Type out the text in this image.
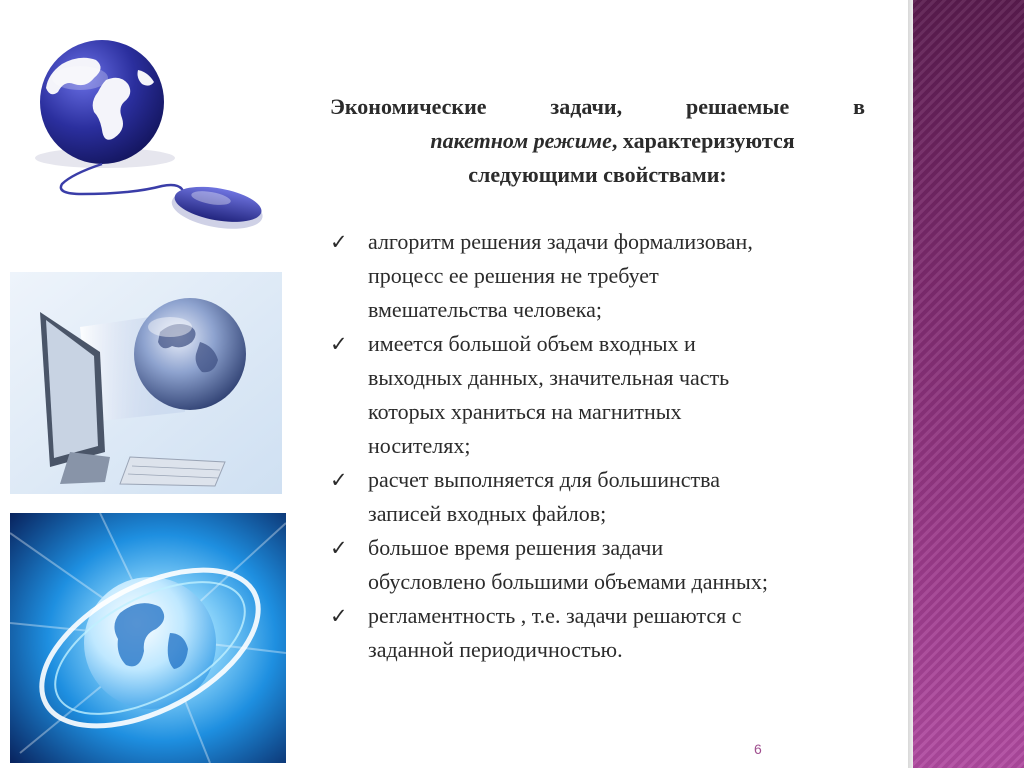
Экономические задачи, решаемые в
пакетном режиме, характеризуются
следующими свойствами:
✓ алгоритм решения задачи формализован,
процесс ее решения не требует
вмешательства человека;
✓ имеется большой объем входных и
выходных данных, значительная часть
которых храниться на магнитных
носителях;
✓ расчет выполняется для большинства
записей входных файлов;
✓ большое время решения задачи
обусловлено большими объемами данных;
✓ регламентность , т.е. задачи решаются с
заданной периодичностью.
6
